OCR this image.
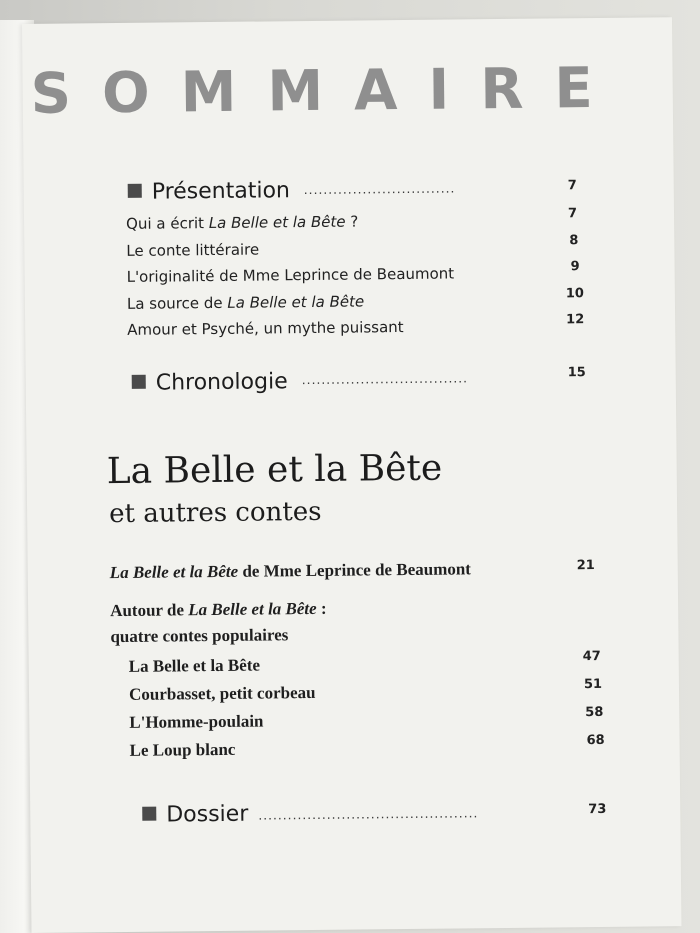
SOMMAIRE
Présentation ...............................	7
Qui a écrit La Belle et la Bête ?	7
Le conte littéraire	8
L'originalité de Mme Leprince de Beaumont	9
La source de La Belle et la Bête	10
Amour et Psyché, un mythe puissant	12
Chronologie ..................................	15
La Belle et la Bête
et autres contes
La Belle et la Bête de Mme Leprince de Beaumont	21
Autour de La Belle et la Bête :
quatre contes populaires
La Belle et la Bête	47
Courbasset, petit corbeau	51
L'Homme-poulain	58
Le Loup blanc	68
Dossier .............................................	73
